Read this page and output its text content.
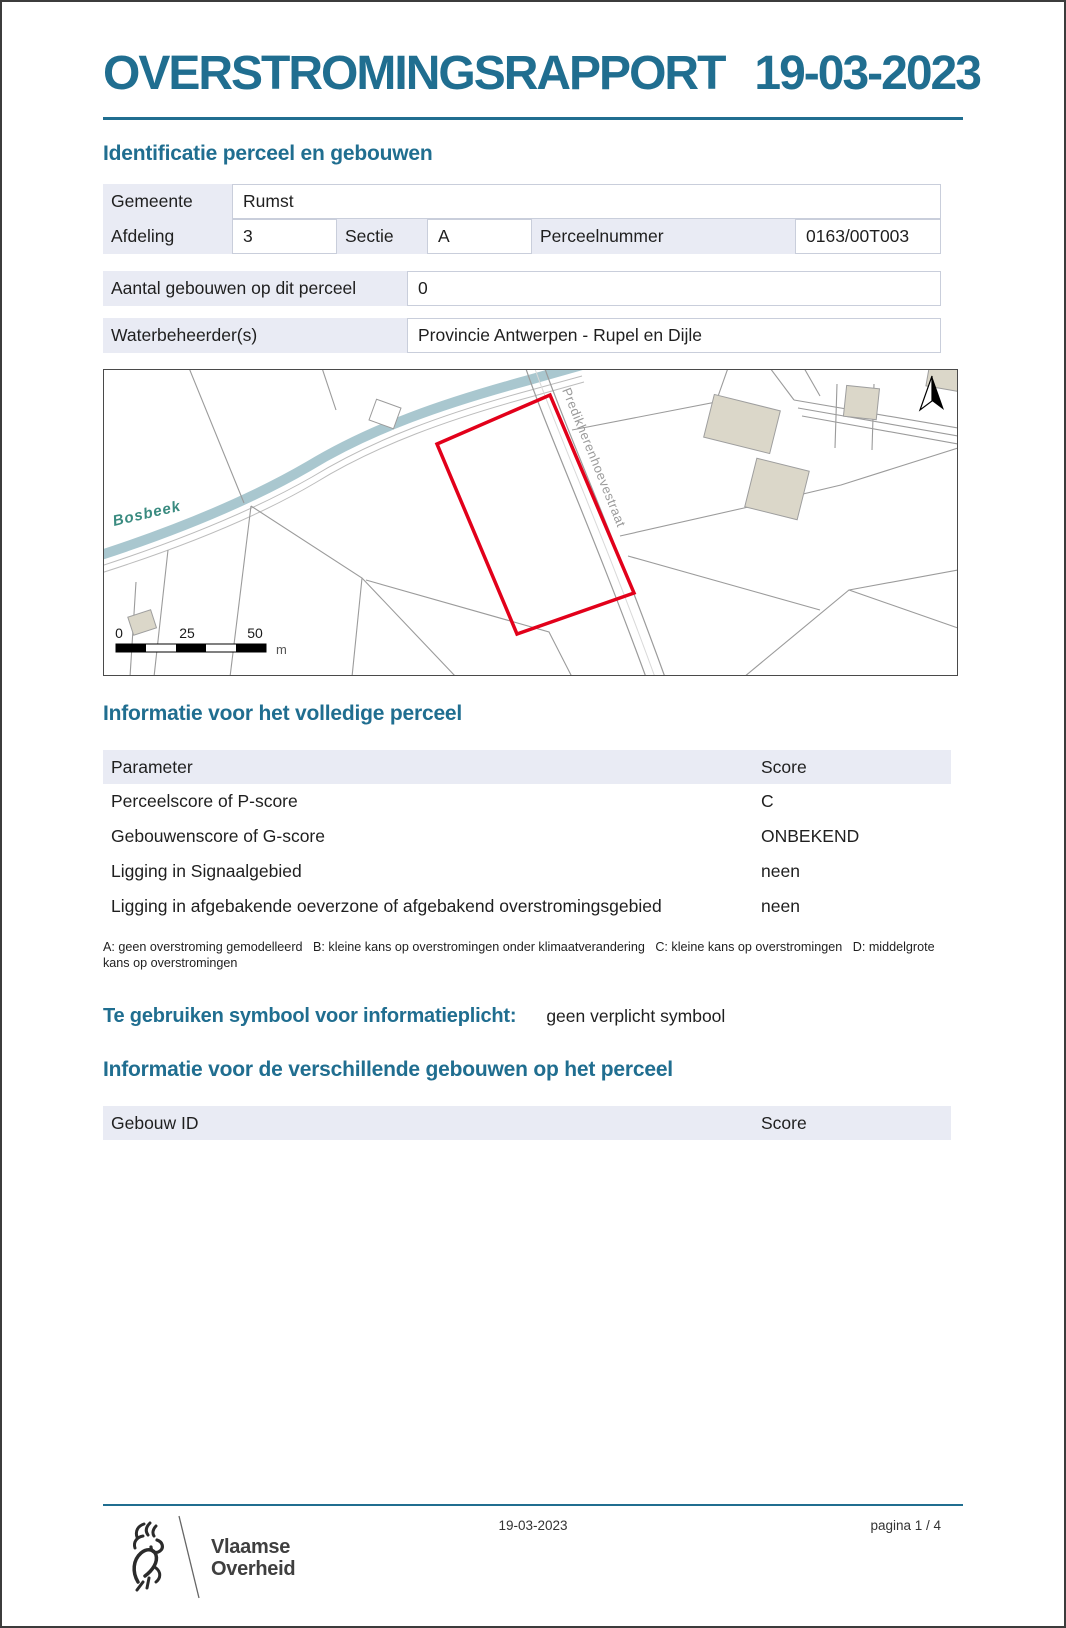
OVERSTROMINGSRAPPORT 19-03-2023
Identificatie perceel en gebouwen
Gemeente	Rumst
Afdeling	3	Sectie	A	Perceelnummer	0163/00T003
Aantal gebouwen op dit perceel	0
Waterbeheerder(s)	Provincie Antwerpen - Rupel en Dijle
Predikherenhoevestraat
Bosbeek
0	25	50
m
Informatie voor het volledige perceel
Parameter	Score
Perceelscore of P-score	C
Gebouwenscore of G-score	ONBEKEND
Ligging in Signaalgebied	neen
Ligging in afgebakende oeverzone of afgebakend overstromingsgebied	neen
A: geen overstroming gemodelleerd   B: kleine kans op overstromingen onder klimaatverandering   C: kleine kans op overstromingen   D: middelgrote kans op overstromingen
Te gebruiken symbool voor informatieplicht: geen verplicht symbool
Informatie voor de verschillende gebouwen op het perceel
Gebouw ID	Score
Vlaamse
Overheid
19-03-2023	pagina 1 / 4
